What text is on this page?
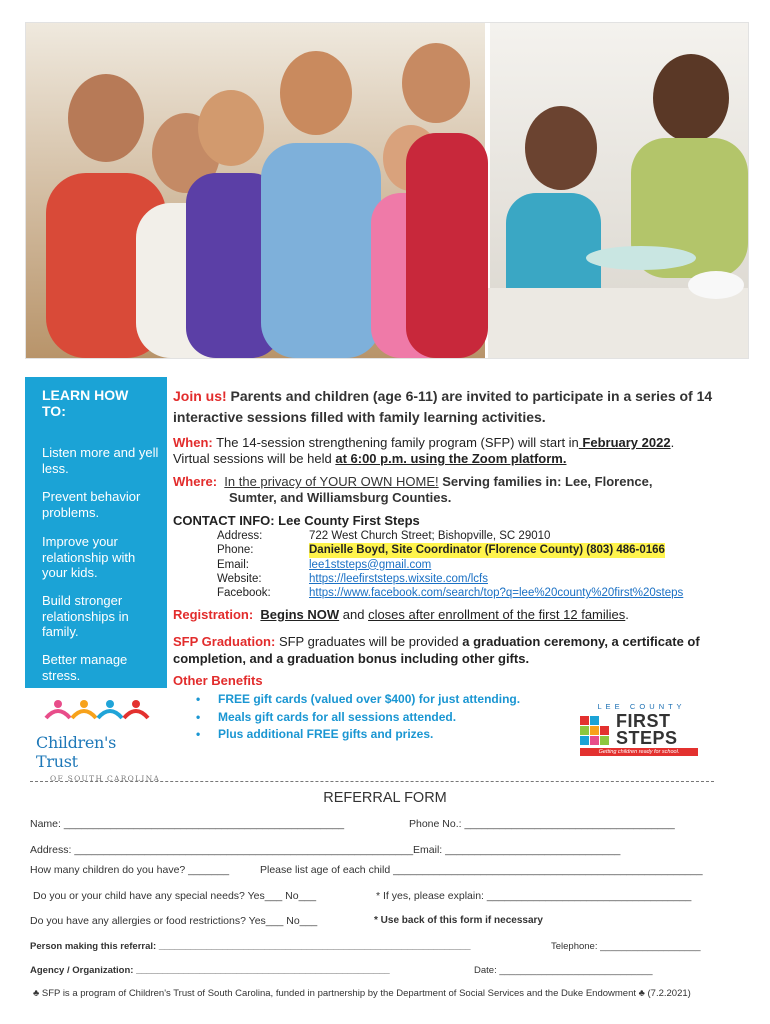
LEARN HOW TO:
Listen more and yell less.
Prevent behavior problems.
Improve your relationship with your kids.
Build stronger relationships in family.
Better manage stress.
Children's Trust
OF SOUTH CAROLINA
Join us! Parents and children (age 6-11) are invited to participate in a series of 14 interactive sessions filled with family learning activities.
When: The 14-session strengthening family program (SFP) will start in February 2022.
Virtual sessions will be held at 6:00 p.m. using the Zoom platform.
Where: In the privacy of YOUR OWN HOME! Serving families in: Lee, Florence,
Sumter, and Williamsburg Counties.
CONTACT INFO: Lee County First Steps
Address:	722 West Church Street; Bishopville, SC 29010
Phone:	Danielle Boyd, Site Coordinator (Florence County) (803) 486-0166
Email:	lee1ststeps@gmail.com
Website:	https://leefirststeps.wixsite.com/lcfs
Facebook:	https://www.facebook.com/search/top?q=lee%20county%20first%20steps
Registration: Begins NOW and closes after enrollment of the first 12 families.
SFP Graduation: SFP graduates will be provided a graduation ceremony, a certificate of completion, and a graduation bonus including other gifts.
Other Benefits
• FREE gift cards (valued over $400) for just attending.
• Meals gift cards for all sessions attended.
• Plus additional FREE gifts and prizes.
L E E   C O U N T Y
FIRST
STEPS
Getting children ready for school.
REFERRAL FORM
Name: ________________________________________________	Phone No.: ____________________________________
Address: __________________________________________________________Email: ______________________________
How many children do you have? _______	Please list age of each child _____________________________________________________
Do you or your child have any special needs? Yes___ No___	* If yes, please explain: ___________________________________
Do you have any allergies or food restrictions? Yes___ No___	* Use back of this form if necessary
Person making this referral: ___________________________________________________________	Telephone: ___________________
Agency / Organization: ________________________________________________	Date: _____________________________
♣ SFP is a program of Children's Trust of South Carolina, funded in partnership by the Department of Social Services and the Duke Endowment ♣ (7.2.2021)
